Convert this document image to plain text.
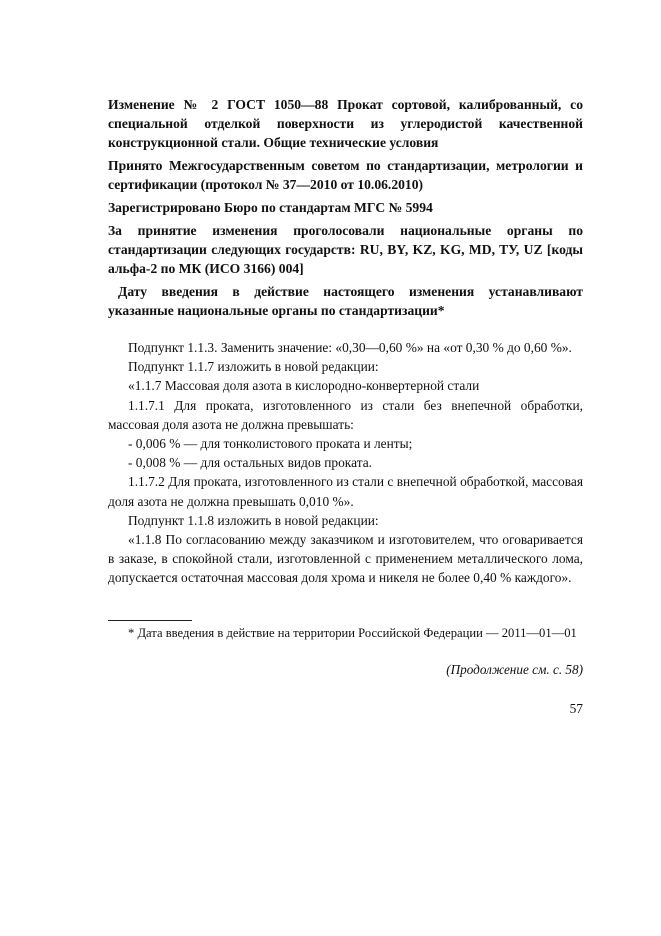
Изменение № 2 ГОСТ 1050—88 Прокат сортовой, калиброванный, со специальной отделкой поверхности из углеродистой качественной конструкционной стали. Общие технические условия

Принято Межгосударственным советом по стандартизации, метрологии и сертификации (протокол № 37—2010 от 10.06.2010)

Зарегистрировано Бюро по стандартам МГС № 5994

За принятие изменения проголосовали национальные органы по стандартизации следующих государств: RU, BY, KZ, KG, MD, TУ, UZ [коды альфа-2 по МК (ИСО 3166) 004]

Дату введения в действие настоящего изменения устанавливают указанные национальные органы по стандартизации*

Подпункт 1.1.3. Заменить значение: «0,30—0,60 %» на «от 0,30 % до 0,60 %».

Подпункт 1.1.7 изложить в новой редакции:

«1.1.7 Массовая доля азота в кислородно-конвертерной стали

1.1.7.1 Для проката, изготовленного из стали без внепечной обработки, массовая доля азота не должна превышать:

- 0,006 % — для тонколистового проката и ленты;

- 0,008 % — для остальных видов проката.

1.1.7.2 Для проката, изготовленного из стали с внепечной обработкой, массовая доля азота не должна превышать 0,010 %».

Подпункт 1.1.8 изложить в новой редакции:

«1.1.8 По согласованию между заказчиком и изготовителем, что оговаривается в заказе, в спокойной стали, изготовленной с применением металлического лома, допускается остаточная массовая доля хрома и никеля не более 0,40 % каждого».

* Дата введения в действие на территории Российской Федерации — 2011—01—01

(Продолжение см. с. 58)
57
